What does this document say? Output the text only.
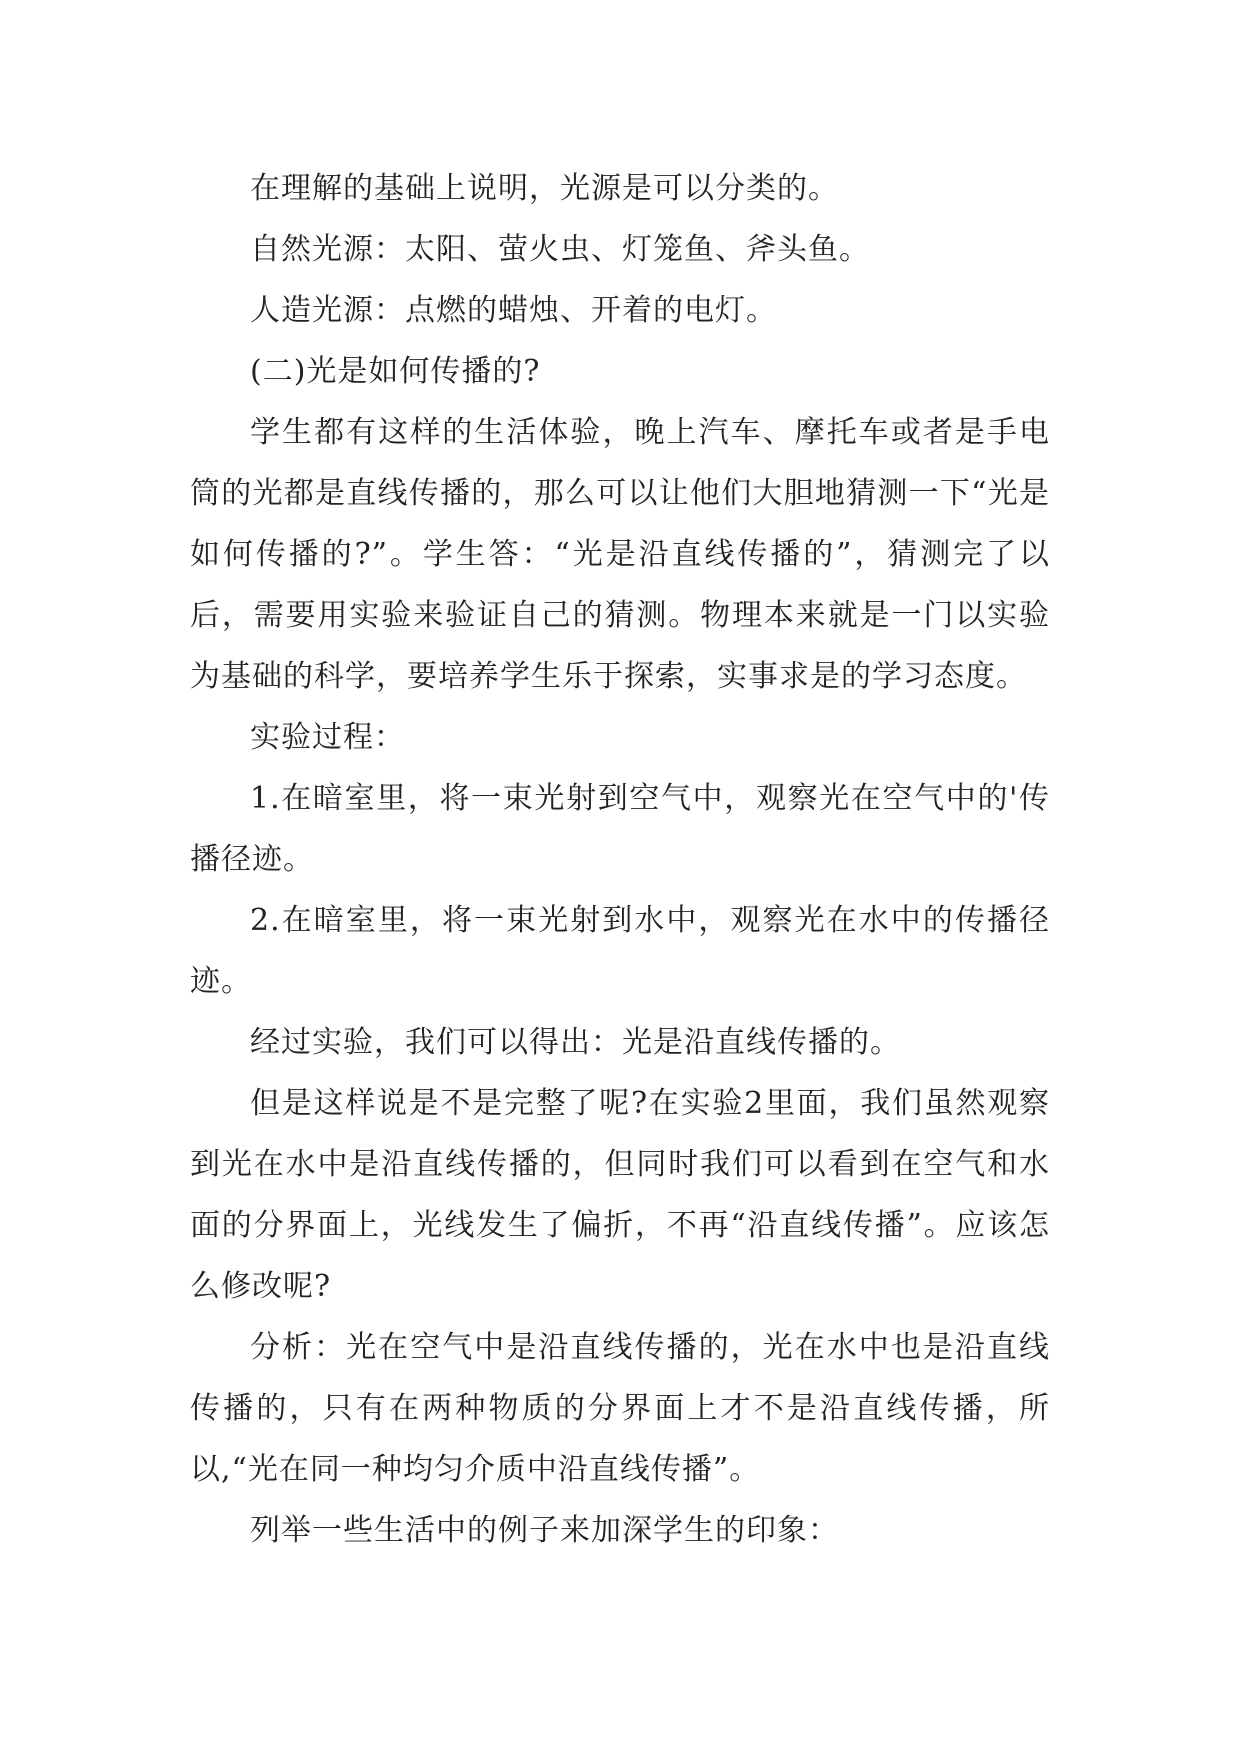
在理解的基础上说明，光源是可以分类的。

自然光源：太阳、萤火虫、灯笼鱼、斧头鱼。

人造光源：点燃的蜡烛、开着的电灯。

(二)光是如何传播的?

学生都有这样的生活体验，晚上汽车、摩托车或者是手电筒的光都是直线传播的，那么可以让他们大胆地猜测一下“光是如何传播的?”。学生答：“光是沿直线传播的”，猜测完了以后，需要用实验来验证自己的猜测。物理本来就是一门以实验为基础的科学，要培养学生乐于探索，实事求是的学习态度。

实验过程：

1.在暗室里，将一束光射到空气中，观察光在空气中的'传播径迹。

2.在暗室里，将一束光射到水中，观察光在水中的传播径迹。

经过实验，我们可以得出：光是沿直线传播的。

但是这样说是不是完整了呢?在实验2里面，我们虽然观察到光在水中是沿直线传播的，但同时我们可以看到在空气和水面的分界面上，光线发生了偏折，不再“沿直线传播”。应该怎么修改呢?

分析：光在空气中是沿直线传播的，光在水中也是沿直线传播的，只有在两种物质的分界面上才不是沿直线传播，所以,“光在同一种均匀介质中沿直线传播”。

列举一些生活中的例子来加深学生的印象：
